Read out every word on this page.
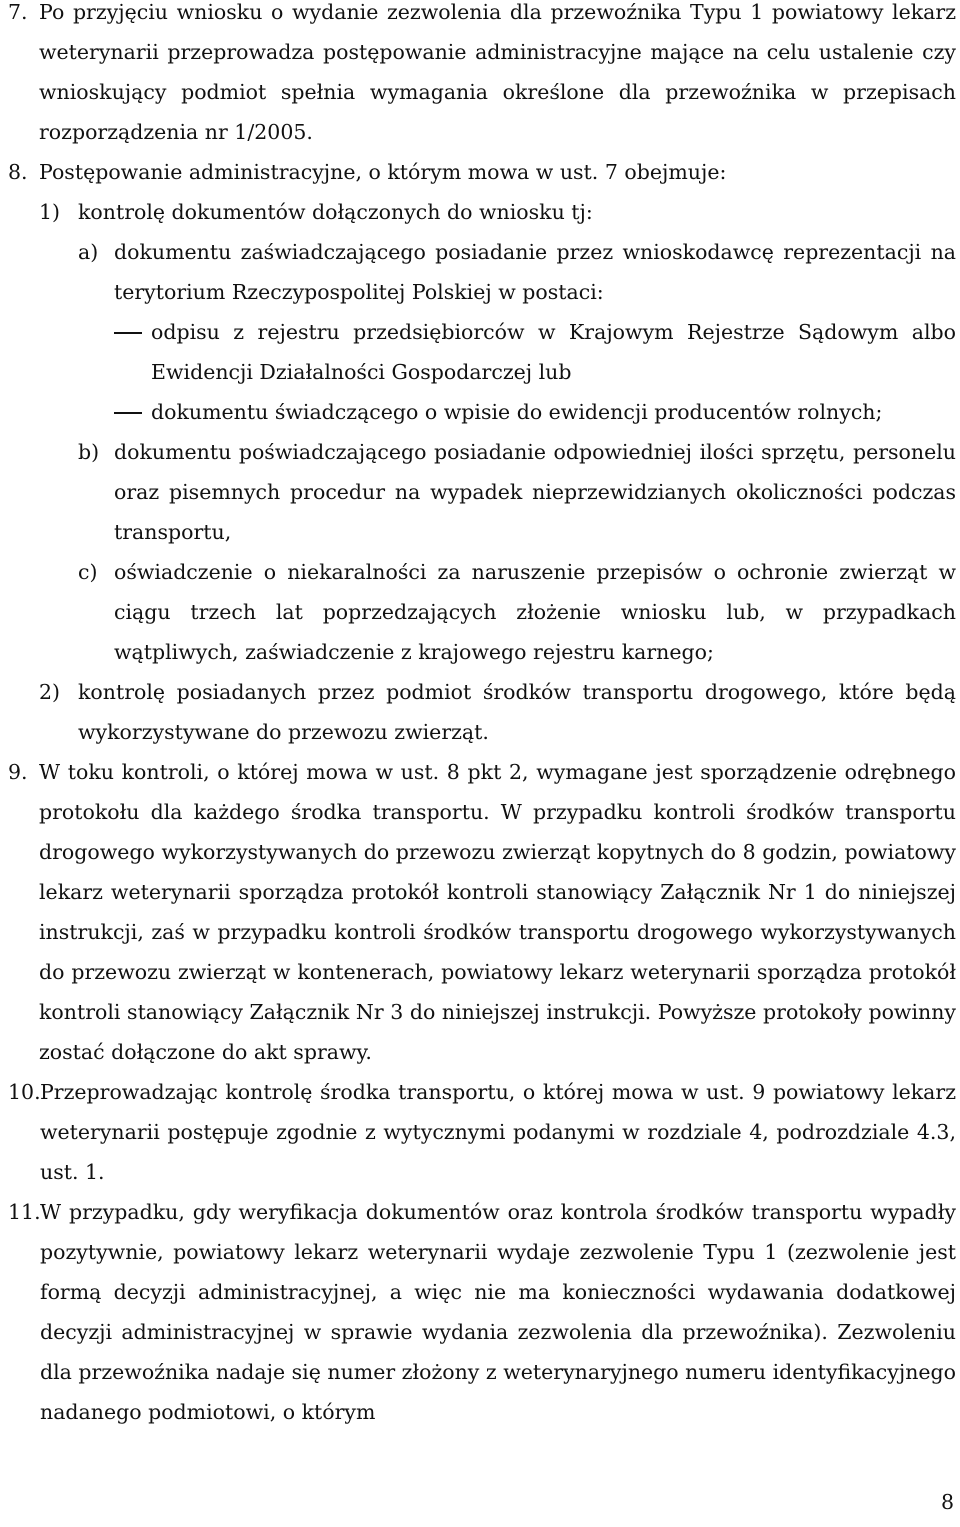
7. Po przyjęciu wniosku o wydanie zezwolenia dla przewoźnika Typu 1 powiatowy lekarz weterynarii przeprowadza postępowanie administracyjne mające na celu ustalenie czy wnioskujący podmiot spełnia wymagania określone dla przewoźnika w przepisach rozporządzenia nr 1/2005.
8. Postępowanie administracyjne, o którym mowa w ust. 7 obejmuje:
1) kontrolę dokumentów dołączonych do wniosku tj:
a) dokumentu zaświadczającego posiadanie przez wnioskodawcę reprezentacji na terytorium Rzeczypospolitej Polskiej w postaci:
odpisu z rejestru przedsiębiorców w Krajowym Rejestrze Sądowym albo Ewidencji Działalności Gospodarczej lub
dokumentu świadczącego o wpisie do ewidencji producentów rolnych;
b) dokumentu poświadczającego posiadanie odpowiedniej ilości sprzętu, personelu oraz pisemnych procedur na wypadek nieprzewidzianych okoliczności podczas transportu,
c) oświadczenie o niekaralności za naruszenie przepisów o ochronie zwierząt w ciągu trzech lat poprzedzających złożenie wniosku lub, w przypadkach wątpliwych, zaświadczenie z krajowego rejestru karnego;
2) kontrolę posiadanych przez podmiot środków transportu drogowego, które będą wykorzystywane do przewozu zwierząt.
9. W toku kontroli, o której mowa w ust. 8 pkt 2, wymagane jest sporządzenie odrębnego protokołu dla każdego środka transportu. W przypadku kontroli środków transportu drogowego wykorzystywanych do przewozu zwierząt kopytnych do 8 godzin, powiatowy lekarz weterynarii sporządza protokół kontroli stanowiący Załącznik Nr 1 do niniejszej instrukcji, zaś w przypadku kontroli środków transportu drogowego wykorzystywanych do przewozu zwierząt w kontenerach, powiatowy lekarz weterynarii sporządza protokół kontroli stanowiący Załącznik Nr 3 do niniejszej instrukcji. Powyższe protokoły powinny zostać dołączone do akt sprawy.
10. Przeprowadzając kontrolę środka transportu, o której mowa w ust. 9 powiatowy lekarz weterynarii postępuje zgodnie z wytycznymi podanymi w rozdziale 4, podrozdziale 4.3, ust. 1.
11. W przypadku, gdy weryfikacja dokumentów oraz kontrola środków transportu wypadły pozytywnie, powiatowy lekarz weterynarii wydaje zezwolenie Typu 1 (zezwolenie jest formą decyzji administracyjnej, a więc nie ma konieczności wydawania dodatkowej decyzji administracyjnej w sprawie wydania zezwolenia dla przewoźnika). Zezwoleniu dla przewoźnika nadaje się numer złożony z weterynaryjnego numeru identyfikacyjnego nadanego podmiotowi, o którym
8
